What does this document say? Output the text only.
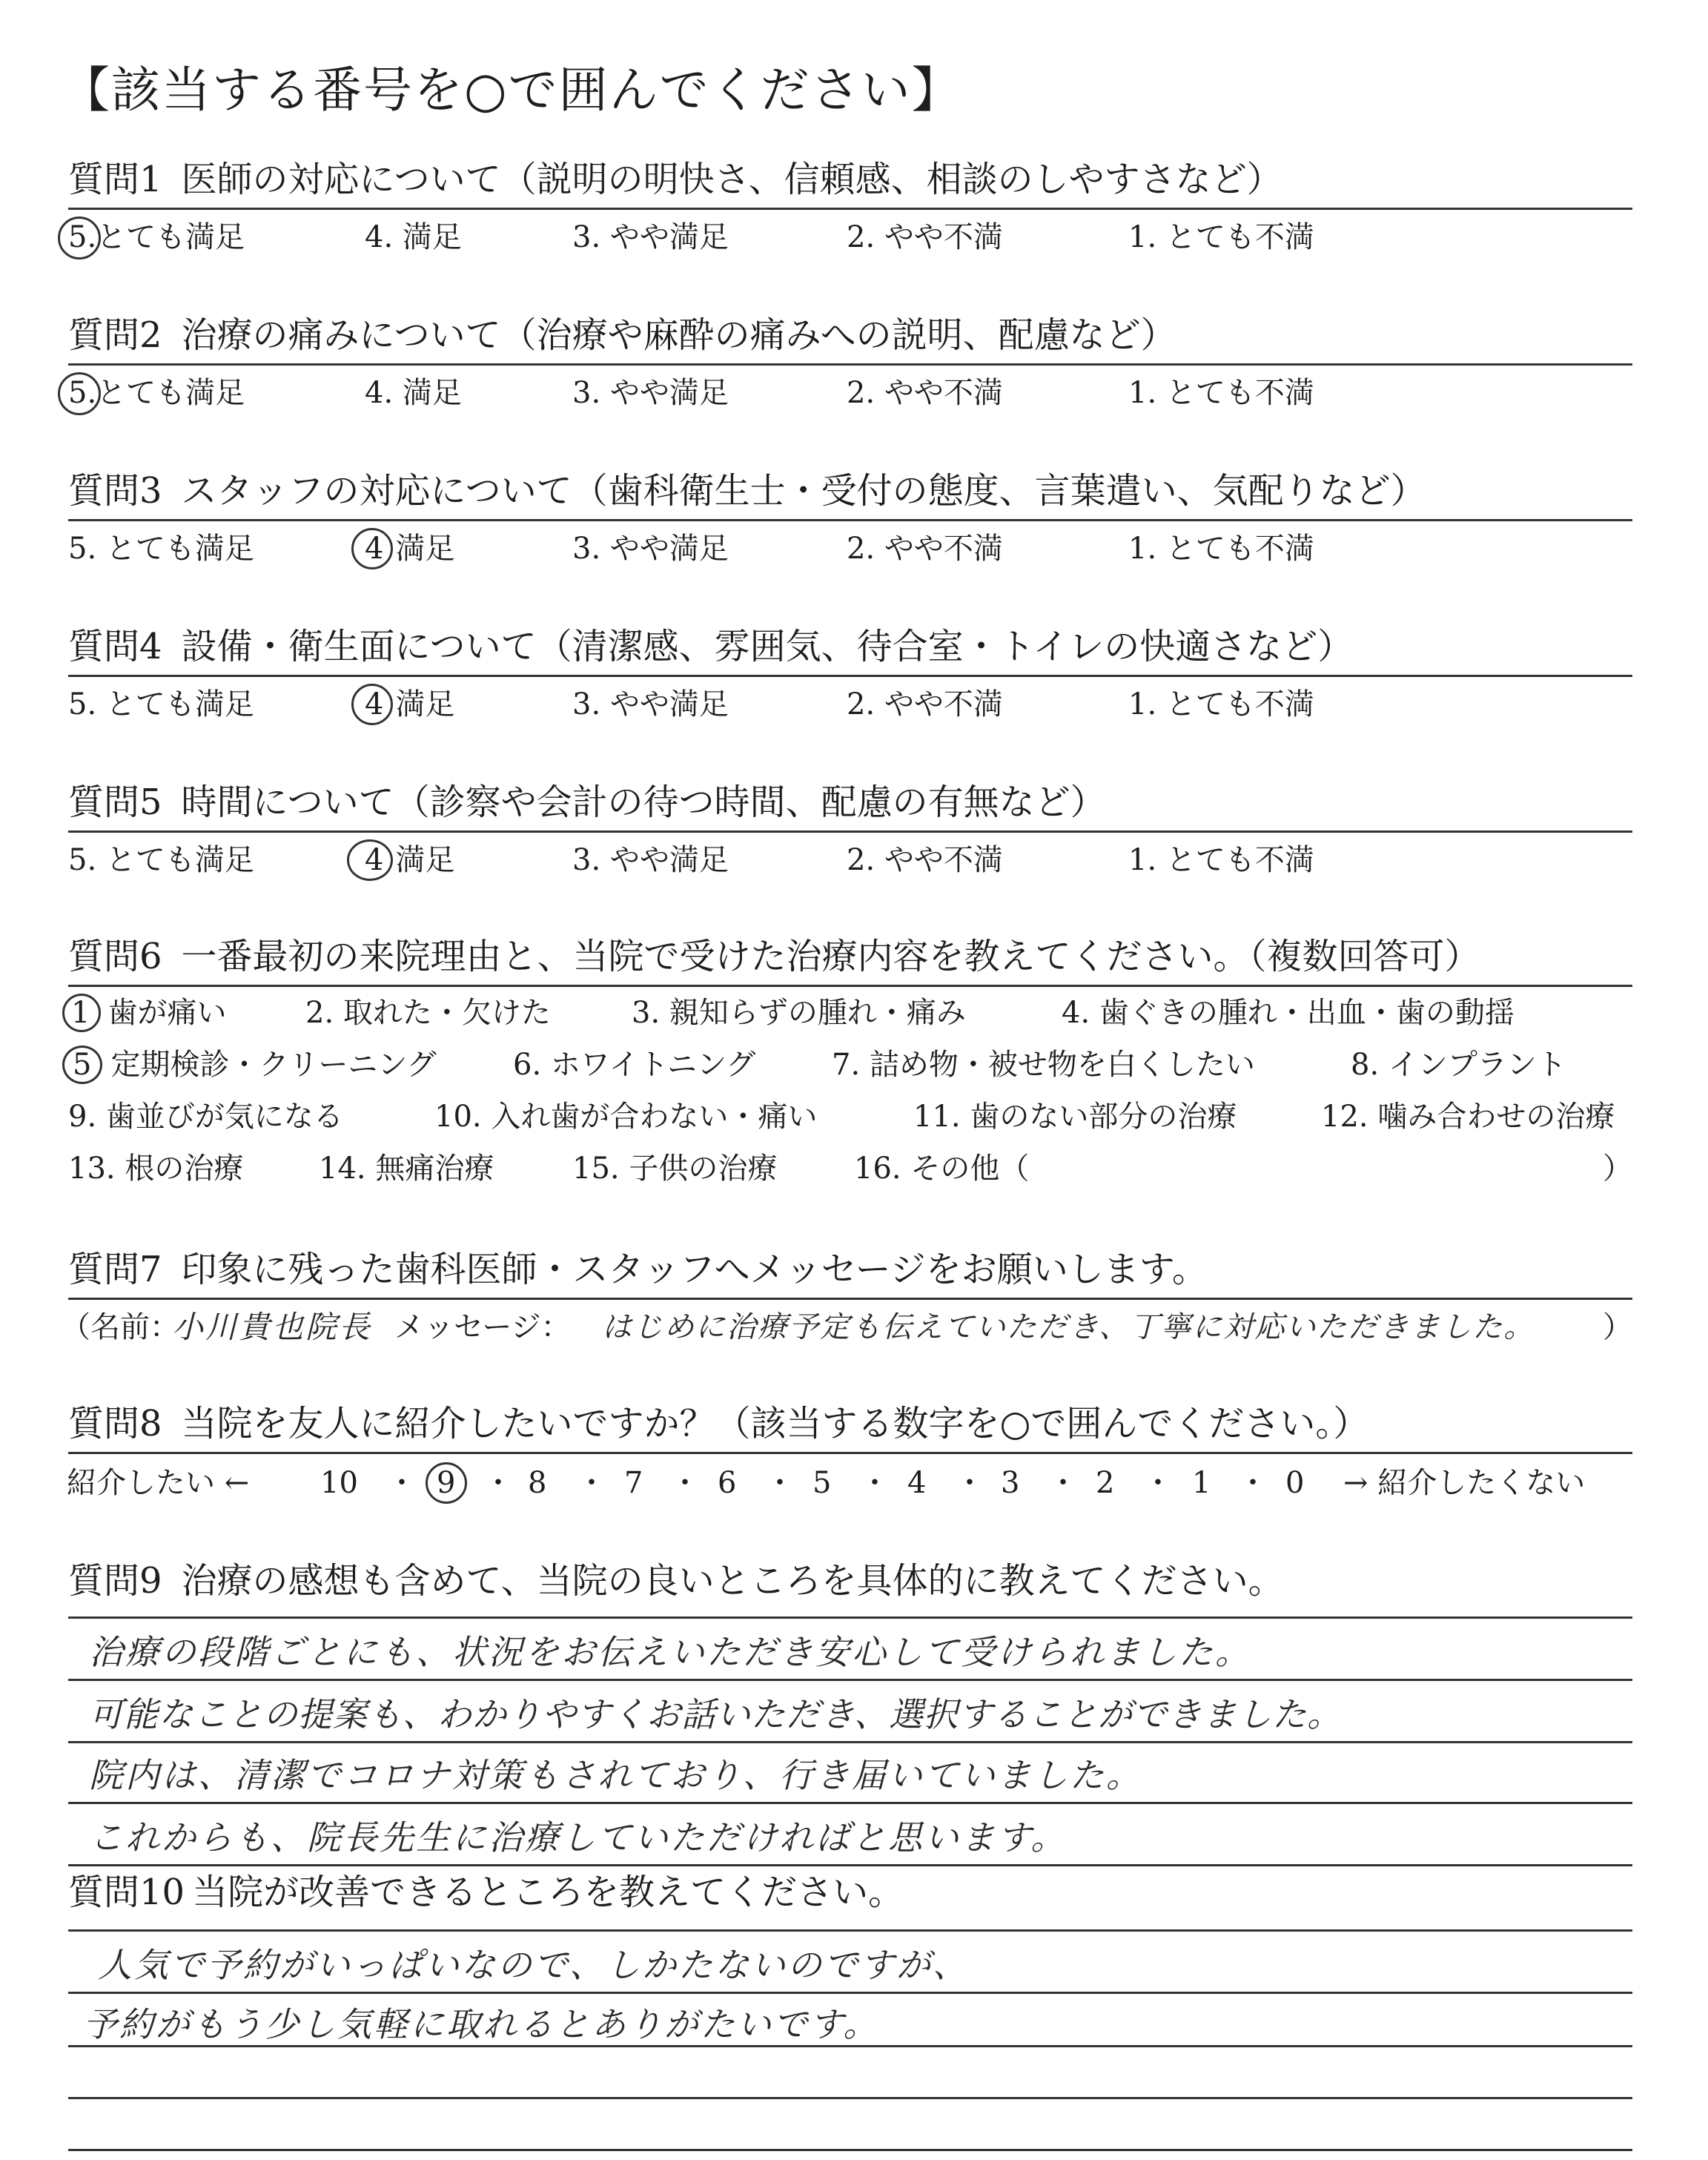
【該当する番号を○で囲んでください】
質問1 医師の対応について（説明の明快さ、信頼感、相談のしやすさなど）
5.とても満足	4. 満足	3. やや満足	2. やや不満	1. とても不満
質問2 治療の痛みについて（治療や麻酔の痛みへの説明、配慮など）
5.とても満足	4. 満足	3. やや満足	2. やや不満	1. とても不満
質問3 スタッフの対応について（歯科衛生士・受付の態度、言葉遣い、気配りなど）
5. とても満足	4 満足	3. やや満足	2. やや不満	1. とても不満
質問4 設備・衛生面について（清潔感、雰囲気、待合室・トイレの快適さなど）
5. とても満足	4 満足	3. やや満足	2. やや不満	1. とても不満
質問5 時間について（診察や会計の待つ時間、配慮の有無など）
5. とても満足	4 満足	3. やや満足	2. やや不満	1. とても不満
質問6 一番最初の来院理由と、当院で受けた治療内容を教えてください。（複数回答可）
1 歯が痛い	2. 取れた・欠けた	3. 親知らずの腫れ・痛み	4. 歯ぐきの腫れ・出血・歯の動揺
5 定期検診・クリーニング	6. ホワイトニング	7. 詰め物・被せ物を白くしたい	8. インプラント
9. 歯並びが気になる	10. 入れ歯が合わない・痛い	11. 歯のない部分の治療	12. 噛み合わせの治療
13. 根の治療	14. 無痛治療	15. 子供の治療	16. その他（	）
質問7 印象に残った歯科医師・スタッフへメッセージをお願いします。
（名前：
小川貴也院長 メッセージ： はじめに治療予定も伝えていただき、丁寧に対応いただきました。 ）
質問8 当院を友人に紹介したいですか？（該当する数字を○で囲んでください。）
紹介したい ← 10 ・ 9 ・ 8 ・ 7 ・ 6 ・ 5 ・ 4 ・ 3 ・ 2 ・ 1 ・ 0 → 紹介したくない
質問9 治療の感想も含めて、当院の良いところを具体的に教えてください。
治療の段階ごとにも、状況をお伝えいただき安心して受けられました。
可能なことの提案も、わかりやすくお話いただき、選択することができました。
院内は、清潔でコロナ対策もされており、行き届いていました。
これからも、院長先生に治療していただければと思います。
質問10 当院が改善できるところを教えてください。
人気で予約がいっぱいなので、しかたないのですが、
予約がもう少し気軽に取れるとありがたいです。
